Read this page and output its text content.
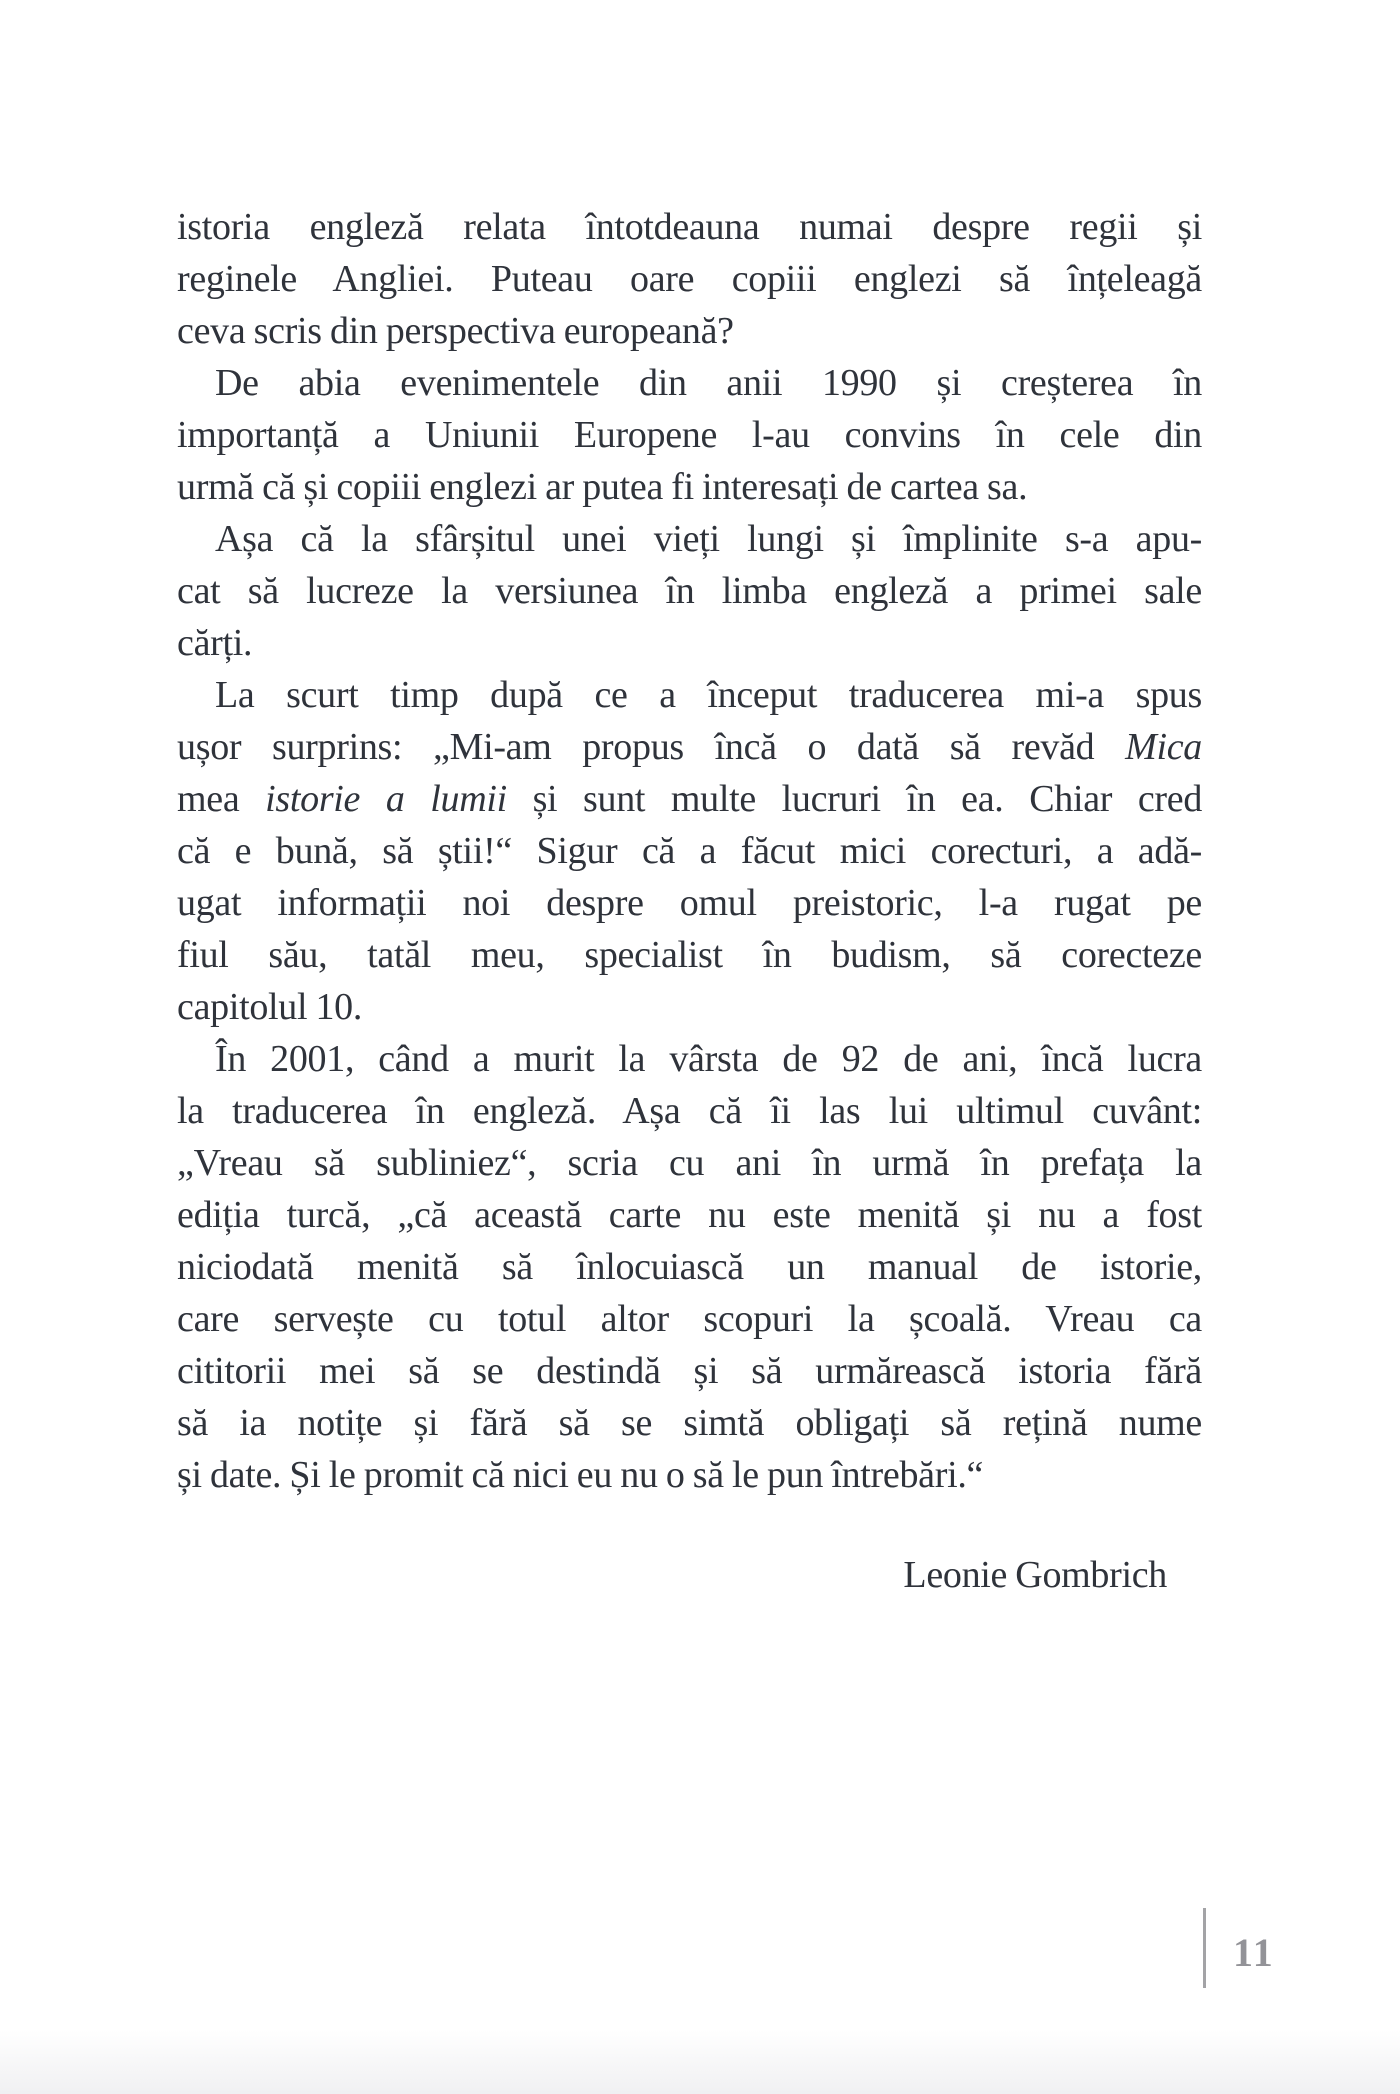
istoria engleză relata întotdeauna numai despre regii și
reginele Angliei. Puteau oare copiii englezi să înțeleagă
ceva scris din perspectiva europeană?
De abia evenimentele din anii 1990 și creșterea în
importanță a Uniunii Europene l-au convins în cele din
urmă că și copiii englezi ar putea fi interesați de cartea sa.
Așa că la sfârșitul unei vieți lungi și împlinite s-a apu-
cat să lucreze la versiunea în limba engleză a primei sale
cărți.
La scurt timp după ce a început traducerea mi-a spus
ușor surprins: „Mi-am propus încă o dată să revăd Mica
mea istorie a lumii și sunt multe lucruri în ea. Chiar cred
că e bună, să știi!“ Sigur că a făcut mici corecturi, a adă-
ugat informații noi despre omul preistoric, l-a rugat pe
fiul său, tatăl meu, specialist în budism, să corecteze
capitolul 10.
În 2001, când a murit la vârsta de 92 de ani, încă lucra
la traducerea în engleză. Așa că îi las lui ultimul cuvânt:
„Vreau să subliniez“, scria cu ani în urmă în prefața la
ediția turcă, „că această carte nu este menită și nu a fost
niciodată menită să înlocuiască un manual de istorie,
care servește cu totul altor scopuri la școală. Vreau ca
cititorii mei să se destindă și să urmărească istoria fără
să ia notițe și fără să se simtă obligați să rețină nume
și date. Și le promit că nici eu nu o să le pun întrebări.“
Leonie Gombrich
11
